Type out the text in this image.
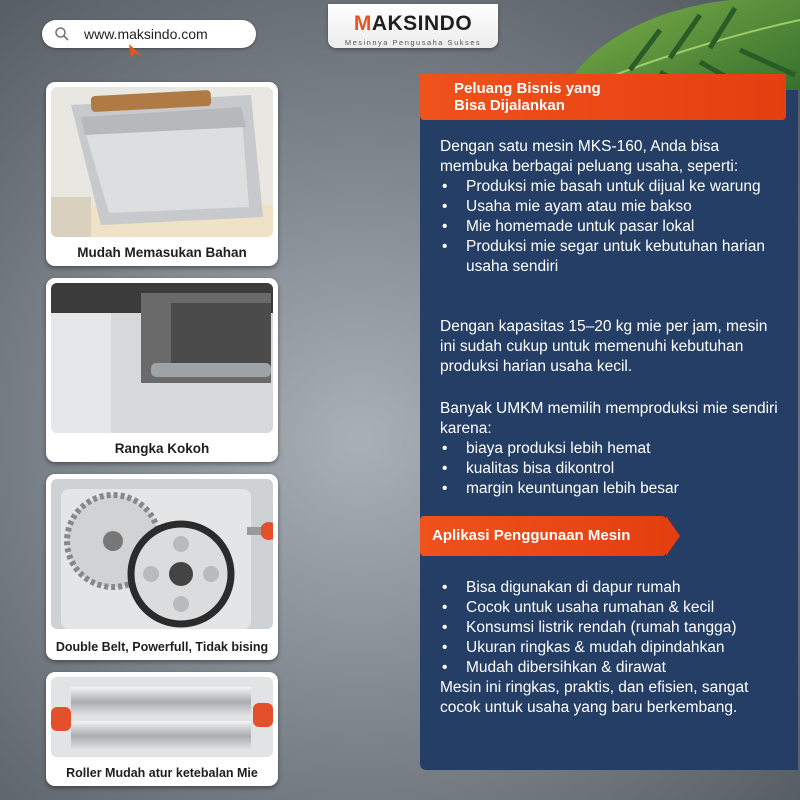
www.maksindo.com	MAKSINDO
Mesinnya Pengusaha Sukses
Mudah Memasukan Bahan
Rangka Kokoh
Double Belt, Powerfull, Tidak bising
Roller Mudah atur ketebalan Mie
Peluang Bisnis yang
Bisa Dijalankan

Dengan satu mesin MKS-160, Anda bisa membuka berbagai peluang usaha, seperti:

• Produksi mie basah untuk dijual ke warung
• Usaha mie ayam atau mie bakso
• Mie homemade untuk pasar lokal
• Produksi mie segar untuk kebutuhan harian usaha sendiri
Dengan kapasitas 15–20 kg mie per jam, mesin ini sudah cukup untuk memenuhi kebutuhan produksi harian usaha kecil.

Banyak UMKM memilih memproduksi mie sendiri karena:

• biaya produksi lebih hemat
• kualitas bisa dikontrol
• margin keuntungan lebih besar
Aplikasi Penggunaan Mesin
• Bisa digunakan di dapur rumah
• Cocok untuk usaha rumahan & kecil
• Konsumsi listrik rendah (rumah tangga)
• Ukuran ringkas & mudah dipindahkan
• Mudah dibersihkan & dirawat

Mesin ini ringkas, praktis, dan efisien, sangat cocok untuk usaha yang baru berkembang.
